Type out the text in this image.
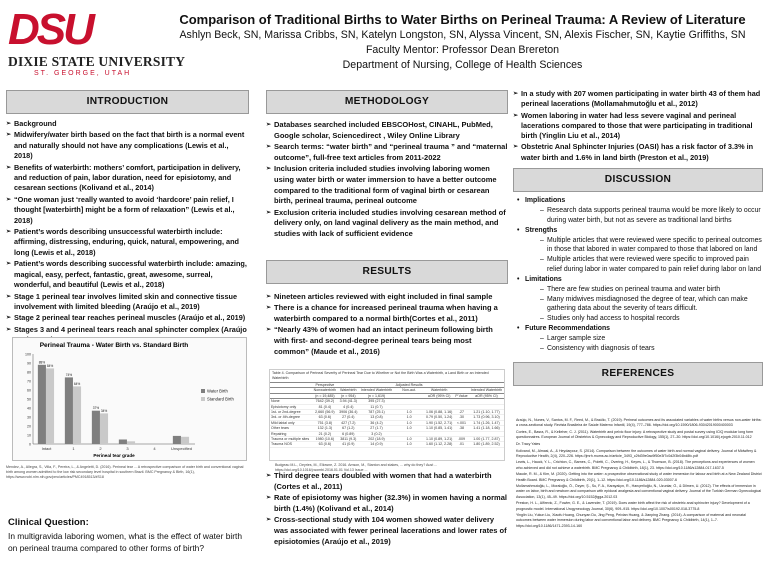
DSU
DIXIE STATE UNIVERSITY
ST. GEORGE, UTAH
Comparison of Traditional Births to Water Births on Perineal Trauma: A Review of Literature
Ashlyn Beck, SN, Marissa Cribbs, SN, Katelyn Longston, SN, Alyssa Vincent, SN, Alexis Fischer, SN, Kaytie Griffiths, SN
Faculty Mentor: Professor Dean Brereton
Department of Nursing, College of Health Sciences
INTRODUCTION
➢ Background
➢ Midwifery/water birth based on the fact that birth is a normal event and naturally should not have any complications (Lewis et al., 2018)
➢ Benefits of waterbirth: mothers’ comfort, participation in delivery, and reduction of pain, labor duration, need for episiotomy, and cesarean sections (Kolivand et al., 2014)
➢ “One woman just ‘really wanted to avoid ‘hardcore’ pain relief, I thought [waterbirth] might be a form of relaxation” (Lewis et al., 2018)
➢ Patient’s words describing unsuccessful waterbirth include: affirming, distressing, enduring, quick, natural, empowering, and long (Lewis et al., 2018)
➢ Patient’s words describing successful waterbirth include: amazing, magical, easy, perfect, fantastic, great, awesome, surreal, wonderful, and beautiful (Lewis et al., 2018)
➢ Stage 1 perineal tear involves limited skin and connective tissue involvement with limited bleeding (Araújo et al., 2019)
➢ Stage 2 perineal tear reaches perineal muscles (Araújo et al., 2019)
➢ Stages 3 and 4 perineal tears reach anal sphincter complex (Araújo
Perineal Trauma - Water Birth vs. Standard Birth
0
10
20
30
40
50
60
70
80
90
100
88%
74%
37%
84%
64%
34%
Intact	1	2	3	4	Unspecified
Perineal tear grade
Water Birth
Standard Birth
Mendez, A., Allegra, S., Villa, F., Pereira, L., & Angeletti, D. (2016). Perineal tear ... A retrospective comparison of water birth and conventional vaginal birth among women admitted to the low risk secondary level hospital in southern Brazil. BMC Pregnancy & Birth, 16(1), https://www.ncbi.nlm.nih.gov/pmc/articles/PMC4918513/#S18
Clinical Question:
In multigravida laboring women, what is the effect of water birth on perineal trauma compared to other forms of birth?
METHODOLOGY
➢ Databases searched included EBSCOHost, CINAHL, PubMed, Google scholar, Sciencedirect , Wiley Online Library
➢ Search terms: “water birth” and “perineal trauma ” and “maternal outcome”, full-free text articles from 2011-2022
➢ Inclusion criteria included studies involving laboring women using water birth or water immersion to have a better outcome compared to the traditional form of vaginal birth or cesarean birth, perineal trauma, perineal outcome
➢ Exclusion criteria included studies involving cesarean method of delivery only, on land vaginal delivery as the main method, and studies with lack of sufficient evidence
RESULTS
➢ Nineteen articles reviewed with eight included in final sample
➢ There is a chance for increased perineal trauma when having a waterbirth compared to a normal birth(Cortes et al., 2011)
➢ “Nearly 43% of women had an intact perineum following birth with first- and second-degree perineal tears being most common” (Maude et al., 2016)
Table 4. Comparison of Perineal Severity of Perineal Tear Due to Whether or Not the Birth Was a Waterbirth, a Land Birth or an Intended Waterbirth
	Perspective			Adjusted Results			
	Nonwaterbirth	Waterbirth	Intended Waterbirth	Non-aut.	Waterbirth		Intended Waterbirth
	(n = 19,485)	(n = 954)	(n = 1,619)		aOR (95% CI)	P Value	aOR (95% CI)
None	7642 (39.2)	3.94 (41.3)	395 (27.3)				
Episiotomy only	81 (0.4)	4 (0.4)	11 (0.7)				
1st- or 2nd-degree	2,660 (56.9)	3906 (36.4)	787 (25.1)	1.0	1.06 (0.88, 1.16)	.27	1.21 (1.10, 1.77)
3rd- or 4th-degree	63 (0.6)	27 (0.4)	13 (0.8)	1.0	0.79 (0.50, 1.24)	.30	1.73 (0.96, 3.10)
Mild labial only	751 (3.8)	427 (7.2)	36 (4.2)	1.0	1.90 (1.52, 2.71)	<.001	1.74 (1.26, 1.47)
Other tears	132 (1.3)	67 (1.2)	27 (1.7)	1.0	1.10 (0.85, 1.41)	.38	1.41 (1.18, 1.66)
Repairing	21 (0.2)	6 (0.89)	3 (0.2)				
Trauma or multiple sites	1980 (10.6)	3811 (9.3)	202 (18.9)	1.0	1.10 (0.89, 1.21)	.009	1.00 (1.77, 2.87)
Trauma NOS	63 (0.6)	41 (0.9)	14 (0.9)	1.0	1.60 (1.12, 2.28)	.01	1.80 (1.89, 2.52)
Budgeau M.L., Deyries, M., Ellowne, Z. 2016. Amson, M., Stanton and stakes, ... why do they? Aust ... https://doi.org/10.1016/j.wombi.2016.01.01 Vol.13 Issue ...
➢ Third degree tears doubled with women that had a waterbirth (Cortes et al., 2011)
➢ Rate of episiotomy was higher (32.3%) in women having a normal birth (1.4%) (Kolivand et al., 2014)
➢ Cross-sectional study with 104 women showed water delivery was associated with fewer perineal lacerations and lower rates of episiotomies (Araújo et al., 2019)
➢ In a study with 207 women participating in water birth 43 of them had perineal lacerations (Mollamahmutoğlu et al., 2012)
➢ Women laboring in water had less severe vaginal and perineal lacerations compared to those that were participating in traditional birth (Yinglin Liu et al., 2014)
➢ Obstetric Anal Sphincter Injuries (OASI) has a risk factor of 3.3% in water birth and 1.6% in land birth (Preston et al., 2019)
DISCUSSION
• Implications
– Research data supports perineal trauma would be more likely to occur during water birth, but not as severe as traditional land births
• Strengths
– Multiple articles that were reviewed were specific to perineal outcomes in those that labored in water compared to those that labored on land
– Multiple articles that were reviewed were specific to improved pain relief during labor in water compared to pain relief during labor on land
• Limitations
– There are few studies on perineal trauma and water birth
– Many midwives misdiagnosed the degree of tear, which can make gathering data about the severity of tears difficult.
– Studies only had access to hospital records
• Future Recommendations
– Larger sample size
– Consistency with diagnosis of tears
REFERENCES

Araújo, N., Nunes, V., Santos, M. F., Reed, M., & Braúlio, T. (2019). Perineal outcomes and its associated variables of water births versus non-water births: a cross-sectional study. Revista Brasileira de Saúde Materno Infantil, 19(4), 777–786. https://doi.org/10.1590/1806-93042019000400003

Cortes, E., Basra, R., & Kelleher, C. J. (2011). Waterbirth and pelvic floor injury: A retrospective study and postal survey using ICIQ modular long form questionnaires. European Journal of Obstetrics & Gynecology and Reproductive Biology, 155(1), 27–30. https://doi.org/10.1016/j.ejogrb.2010.11.012

Dr. Tracy Yates

Kolivand, M., Almasi, A., & Heydarpour, S. (2014). Comparison between the outcomes of water birth and normal vaginal delivery. Journal of Midwifery & Reproductive Health, 2(4), 220–226. https://jmrh.mums.ac.ir/article_3493_c2fd39e0ac9f50e3f7c0d2f3b04bd8fc.pdf

Lewis, L., Hauck, Y. L., Crichton, C., Barnes, C., Poletti, C., Overing, H., Keyes, L., & Thomson, B. (2018). The perceptions and experiences of women who achieved and did not achieve a waterbirth. BMC Pregnancy & Childbirth, 18(1), 23. https://doi.org/10.1186/s12884-017-1637-5

Maude, R. M., & Kim, M. (2020). Getting into the water: a prospective observational study of water immersion for labour and birth at a New Zealand District Health Board. BMC Pregnancy & Childbirth, 20(1), 1–12. https://doi.org/10.1186/s12884-020-03007-6

Mollamahmutoğlu, L., Moraloğlu, Ö., Özyer, Ş., Su, F. A., Karayalçın, R., Hançerlioğlu, N., Uzunlar, Ö., & Dilmen, U. (2012). The effects of immersion in water on labor, birth and newborn and comparison with epidural analgesia and conventional vaginal delivery. Journal of the Turkish German Gynecological Association, 13(1), 45–49. https://doi.org/10.5152/jtgga.2012.03

Preston, H. L., Alfirevic, Z., Fowler, G. E., & Lavender, T. (2019). Does water birth affect the risk of obstetric anal sphincter injury? Development of a prognostic model. International Urogynecology Journal, 30(6), 909–915. https://doi.org/10.1007/s00192-018-3775-8

Yinglin Liu, Yukun Liu, Xiaofu Huang, Chunyan Du, Jing Peng, Peixian Huang, & Jianping Zhang. (2014). A comparison of maternal and neonatal outcomes between water immersion during labor and conventional labor and delivery. BMC Pregnancy & Childbirth, 14(1), 1–7. https://doi.org/10.1186/1471-2393-14-160
